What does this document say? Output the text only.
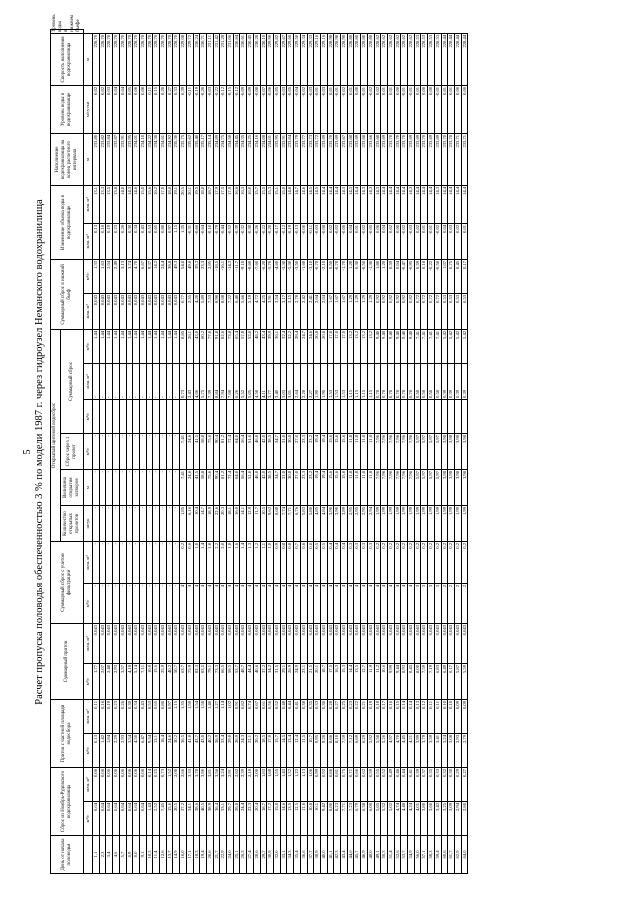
5 Расчет пропуска половодья обеспеченностью 3 % по модели 1987 г. через гидроузел Неманского водохранилища
День от начала половодья	Сброс из Ноябрь-Рудовского водохранилища		Приток с частной площади водосбора		Суммарный приток		Суммарный сброс с учетом фильтрации		Открытый щитовой водосброс						Суммарный сброс в нижний бьеф		Изменение объема воды в водохранилище		Наполнение водохранилища на конец расчетного интервала	Уровень воды в водохранилище	Скорость наполнения водохранилища	Уровень воды в нижнем бьефе
									Количество открытых пролетов	Величина открытия затворов	Сброс через 1 пролет	Суммарный сброс										
	м³/с	млн. м³	м³/с	млн. м³	м³/с	млн. м³	м³/с	млн. м³	штук	м	м³/с	м³/с	млн. м³	м³/с	млн. м³	м³/с	млн. м³	млн. м³	м	м/сутки	м	
1,1	0,64	0,06	0,13	0,11	1,77	0,043	-	-	-	-	-		-	1,44	0,043	1,33	0,13	13,1	233,80	0,02	228,70	
2,3	0,64	0,06	1,42	0,16	2,07	0,043	-	-	-	-	-		-	1,44	0,043	1,63	0,16	13,3	233,82	0,02	228,70	
3,4	0,64	0,06	1,84	0,19	2,48	0,043	-	-	-	-	-		-	1,44	0,043	2,04	0,19	13,5	233,84	0,03	228,70	
4,6	0,64	0,06	2,29	0,23	2,93	0,043	-	-	-	-	-		-	1,44	0,043	2,49	0,23	13,8	233,87	0,04	228,70	
5,7	0,64	0,06	2,93	0,26	3,57	0,043	-	-	-	-	-		-	1,44	0,043	3,13	0,26	14,0	233,91	0,04	228,70	
6,9	0,64	0,06	3,54	0,30	4,18	0,043	-	-	-	-	-		-	1,44	0,043	3,74	0,30	14,3	233,95	0,05	228,70	
8,0	0,64	0,06	4,50	0,34	5,14	0,043	-	-	-	-	-		-	1,44	0,043	4,70	0,34	14,6	234,01	0,06	228,70	
9,1	0,64	0,06	6,47	0,43	7,11	0,043	-	-	-	-	-		-	1,44	0,043	6,67	0,43	15,0	234,10	0,08	228,70	
10,3	1,44	0,14	9,34	0,53	10,8	0,043	-	-	-	-	-		-	1,44	0,043	9,37	0,53	15,6	234,22	0,11	228,70	
11,4	2,52	0,25	13,1	0,65	15,6	0,043	-	-	-	-	-		-	1,44	0,043	14,2	0,65	16,2	234,38	0,15	228,70	
12,6	7,45	0,73	18,4	0,80	25,9	0,043	-	-	-	-	-		-	1,44	0,043	24,4	0,80	17,0	234,61	0,20	228,70	
13,7	15,6	1,52	24,6	0,97	40,2	0,043	-	-	-	-	-		-	1,44	0,043	38,8	0,97	18,0	234,92	0,27	228,70	
14,9	20,5	2,00	30,2	1,15	50,7	0,043	-	-	-	-	-		-	1,44	0,043	49,3	1,15	19,1	235,30	0,33	228,70	
16,0	27,2	2,66	36,5	1,35	63,7	0,043	4	0,2	1,85	7,41	7,41		0,73	8,85	0,77	54,8	1,35	20,5	235,75	0,39	229,08	
17,1	34,1	3,33	41,8	1,50	75,9	0,043	4	0,6	6,16	24,6	24,6		2,43	26,1	2,55	49,8	-0,31	20,1	235,62	-0,11	229,72	
18,3	38,6	3,78	43,7	1,54	82,3	0,043	4	1,0	10,4	41,5	41,5		4,06	43,0	4,20	39,3	-0,66	19,5	235,40	-0,19	230,24	
19,4	40,5	3,96	43,0	1,50	83,5	0,043	4	1,4	14,7	58,8	58,8		5,75	60,2	5,89	23,3	-0,64	18,8	235,17	-0,20	230,71	
20,6	38,9	3,81	40,2	1,40	79,1	0,043	4	1,8	18,9	75,6	75,6		7,39	77,0	7,53	2,05	-0,10	18,7	235,14	-0,03	231,11	
21,7	36,4	3,56	36,9	1,27	73,3	0,043	4	2,2	22,6	90,4	90,4		8,84	91,8	8,98	-18,5	-0,79	17,9	234,89	-0,22	231,42	
22,9	33,1	3,24	33,4	1,14	66,5	0,043	4	2,0	20,3	81,2	81,2		7,94	82,6	8,08	-16,1	-0,44	17,5	234,75	-0,12	231,28	
24,0	29,7	2,91	29,8	1,02	59,5	0,043	4	1,8	18,1	72,4	72,4		7,08	73,8	7,22	-14,3	-0,52	17,0	234,58	-0,15	231,06	
25,1	26,8	2,62	26,9	0,91	53,7	0,043	4	1,6	16,0	64,0	64,0		6,26	65,4	6,40	-11,7	-0,39	16,6	234,45	-0,12	230,84	
26,3	24,4	2,39	24,3	0,82	48,7	0,043	4	1,4	14,1	56,4	56,4		5,52	57,8	5,66	-9,10	-0,32	16,3	234,35	-0,09	230,61	
27,4	22,3	2,18	22,1	0,74	44,4	0,043	4	1,3	12,9	51,6	51,6		5,05	53,0	5,19	-8,60	-0,30	16,0	234,25	-0,09	230,45	
28,6	20,4	2,00	20,2	0,67	40,6	0,043	4	1,2	11,7	46,8	46,8		4,58	48,2	4,72	-7,60	-0,26	15,7	234,16	-0,08	230,28	
29,7	18,7	1,83	18,5	0,61	37,2	0,043	4	1,1	10,5	42,0	42,0		4,11	43,4	4,25	-6,20	-0,22	15,5	234,08	-0,07	230,10	
30,9	17,2	1,68	17,0	0,56	34,2	0,043	4	1,0	9,62	38,5	38,5		3,77	39,9	3,91	-5,70	-0,20	15,3	234,01	-0,06	229,96	
32,0	15,8	1,55	15,7	0,52	31,5	0,043	4	0,9	8,68	34,7	34,7		3,40	36,1	3,54	-4,60	-0,17	15,1	233,95	-0,05	229,82	
33,1	14,6	1,43	14,5	0,48	29,1	0,043	4	0,8	7,74	31,0	31,0		3,03	32,4	3,17	-3,30	-0,12	15,0	233,91	-0,03	229,67	
34,3	13,5	1,32	13,4	0,44	26,9	0,043	4	0,8	7,71	30,8	30,8		3,01	32,2	3,15	-5,30	-0,19	14,8	233,84	-0,05	229,66	
35,4	12,5	1,22	12,4	0,41	24,9	0,043	4	0,7	6,76	27,0	27,0		2,64	28,4	2,78	-3,50	-0,13	14,7	233,79	-0,04	229,50	
36,6	11,6	1,13	11,5	0,38	23,1	0,043	4	0,6	5,83	23,3	23,3		2,28	24,7	2,42	-1,60	-0,06	14,6	233,77	-0,02	229,34	
37,7	10,8	1,06	10,7	0,35	21,5	0,043	4	0,6	5,80	23,2	23,2		2,27	24,6	2,41	-3,10	-0,11	14,5	233,73	-0,03	229,33	
38,9	10,1	0,99	9,95	0,33	20,1	0,043	4	0,5	4,85	19,4	19,4		1,90	20,8	2,04	-0,70	-0,03	14,5	233,72	-0,01	229,16	
40,0	9,42	0,92	9,28	0,30	18,7	0,043	4	0,5	4,84	19,4	19,4		1,90	20,8	2,04	-2,10	-0,08	14,4	233,69	-0,03	229,16	
41,1	8,80	0,86	8,66	0,28	17,5	0,043	4	0,4	3,90	15,6	15,6		1,53	17,0	1,67	0,50	0,02	14,4	233,70	0,01	228,98	
42,3	8,23	0,81	8,10	0,27	16,3	0,043	4	0,4	3,90	15,6	15,6		1,53	17,0	1,67	-0,70	-0,02	14,4	233,69	-0,01	228,98	
43,4	7,71	0,75	7,59	0,25	15,3	0,043	4	0,4	3,89	15,6	15,6		1,53	17,0	1,67	-1,70	-0,06	14,3	233,67	-0,02	228,98	
44,6	7,23	0,71	7,12	0,23	14,4	0,043	4	0,3	2,95	11,8	11,8		1,15	13,2	1,29	1,20	0,04	14,3	233,68	0,01	228,80	
45,7	6,79	0,66	6,69	0,22	13,5	0,043	4	0,3	2,95	11,8	11,8		1,15	13,2	1,29	0,30	0,01	14,4	233,69	0,00	228,80	
46,9	6,38	0,62	6,29	0,21	12,7	0,043	4	0,3	2,95	11,8	11,8		1,15	13,2	1,29	-0,50	-0,02	14,3	233,68	-0,01	228,80	
48,0	6,00	0,59	5,92	0,19	11,9	0,043	4	0,3	2,94	11,8	11,8		1,15	13,2	1,29	-1,30	-0,05	14,3	233,66	-0,02	228,80	
49,1	5,65	0,55	5,58	0,18	11,2	0,043	4	0,2	1,99	7,96	7,96		0,78	9,40	0,92	1,80	0,06	14,3	233,68	0,02	228,62	
50,3	5,32	0,52	5,26	0,17	10,6	0,043	4	0,2	1,99	7,96	7,96		0,78	9,40	0,92	1,20	0,04	14,4	233,69	0,01	228,62	
51,4	5,02	0,49	4,97	0,16	9,99	0,043	4	0,2	1,99	7,96	7,96		0,78	9,40	0,92	0,59	0,02	14,4	233,70	0,01	228,62	
52,6	4,74	0,46	4,70	0,15	9,44	0,043	4	0,2	1,99	7,96	7,96		0,78	9,40	0,92	0,04	0,00	14,4	233,70	0,00	228,62	
53,7	4,48	0,44	4,45	0,14	8,93	0,043	4	0,2	1,99	7,96	7,96		0,78	9,40	0,92	-0,47	-0,02	14,4	233,70	-0,01	228,62	
54,9	4,24	0,41	4,21	0,14	8,45	0,043	4	0,2	1,99	7,96	7,96		0,78	9,40	0,92	-0,95	-0,03	14,3	233,69	-0,01	228,62	
56,0	4,01	0,39	3,99	0,13	8,00	0,043	3	0,2	1,99	5,97	5,97		0,58	7,41	0,72	0,59	0,02	14,4	233,69	0,01	228,53	
57,1	3,80	0,37	3,79	0,12	7,59	0,043	3	0,2	1,99	5,97	5,97		0,58	7,41	0,72	0,18	0,01	14,4	233,70	0,00	228,53	
58,3	3,60	0,35	3,59	0,11	7,19	0,043	3	0,2	1,99	5,97	5,97		0,58	7,41	0,72	-0,22	-0,01	14,4	233,69	0,00	228,53	
59,4	3,42	0,33	3,41	0,11	6,83	0,043	3	0,2	1,99	5,97	5,97		0,58	7,41	0,72	-0,58	-0,02	14,3	233,69	-0,01	228,53	
60,6	3,25	0,32	3,24	0,10	6,49	0,043	2	0,2	1,99	3,98	3,98		0,39	5,42	0,53	1,07	0,04	14,4	233,70	0,01	228,44	
61,7	3,09	0,30	3,08	0,10	6,17	0,043	2	0,2	1,99	3,98	3,98		0,39	5,42	0,53	0,75	0,03	14,4	233,70	0,01	228,44	
62,9	2,94	0,29	2,93	0,09	5,87	0,043	2	0,2	1,99	3,98	3,98		0,39	5,42	0,53	0,45	0,02	14,4	233,71	0,00	228,44	
64,0	2,80	0,27	2,79	0,09	5,59	0,043	2	0,2	1,99	3,98	3,98		0,39	5,42	0,53	0,17	0,01	14,4	233,71	0,00	228,44	
